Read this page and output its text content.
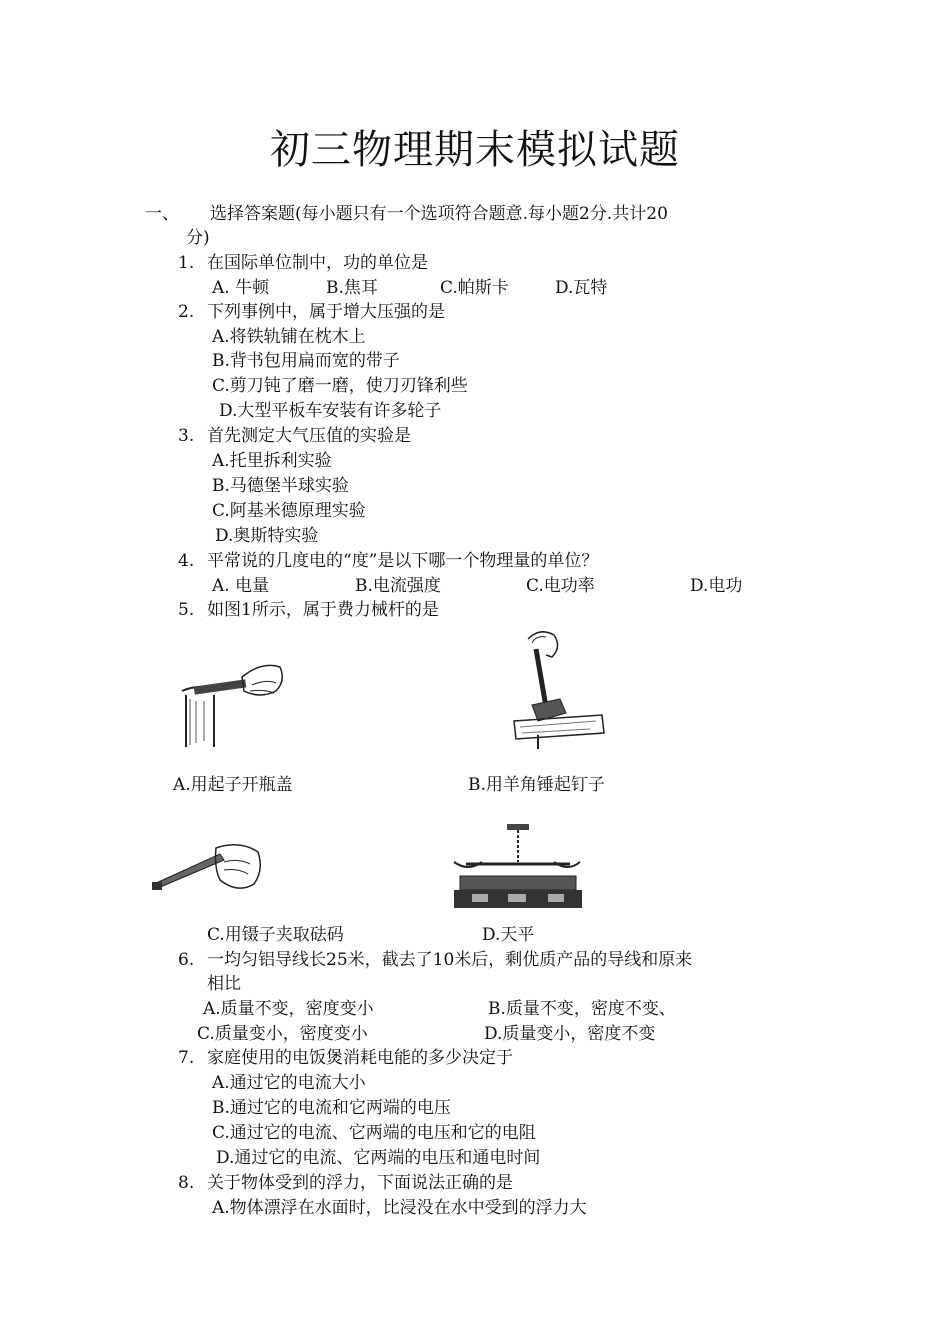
初三物理期末模拟试题
一、 选择答案题(每小题只有一个选项符合题意.每小题2分.共计20
分)
1. 在国际单位制中，功的单位是
A. 牛顿	B.焦耳	C.帕斯卡	D.瓦特
2. 下列事例中，属于增大压强的是
A.将铁轨铺在枕木上
B.背书包用扁而宽的带子
C.剪刀钝了磨一磨，使刀刃锋利些
D.大型平板车安装有许多轮子
3. 首先测定大气压值的实验是
A.托里拆利实验
B.马德堡半球实验
C.阿基米德原理实验
D.奥斯特实验
4. 平常说的几度电的“度”是以下哪一个物理量的单位？
A. 电量	B.电流强度	C.电功率	D.电功
5. 如图1所示，属于费力械杆的是
A.用起子开瓶盖	B.用羊角锤起钉子
C.用镊子夹取砝码	D.天平
6. 一均匀铝导线长25米，截去了10米后，剩优质产品的导线和原来
相比
A.质量不变，密度变小	B.质量不变，密度不变、
C.质量变小，密度变小	D.质量变小，密度不变
7. 家庭使用的电饭煲消耗电能的多少决定于
A.通过它的电流大小
B.通过它的电流和它两端的电压
C.通过它的电流、它两端的电压和它的电阻
D.通过它的电流、它两端的电压和通电时间
8. 关于物体受到的浮力，下面说法正确的是
A.物体漂浮在水面时，比浸没在水中受到的浮力大
